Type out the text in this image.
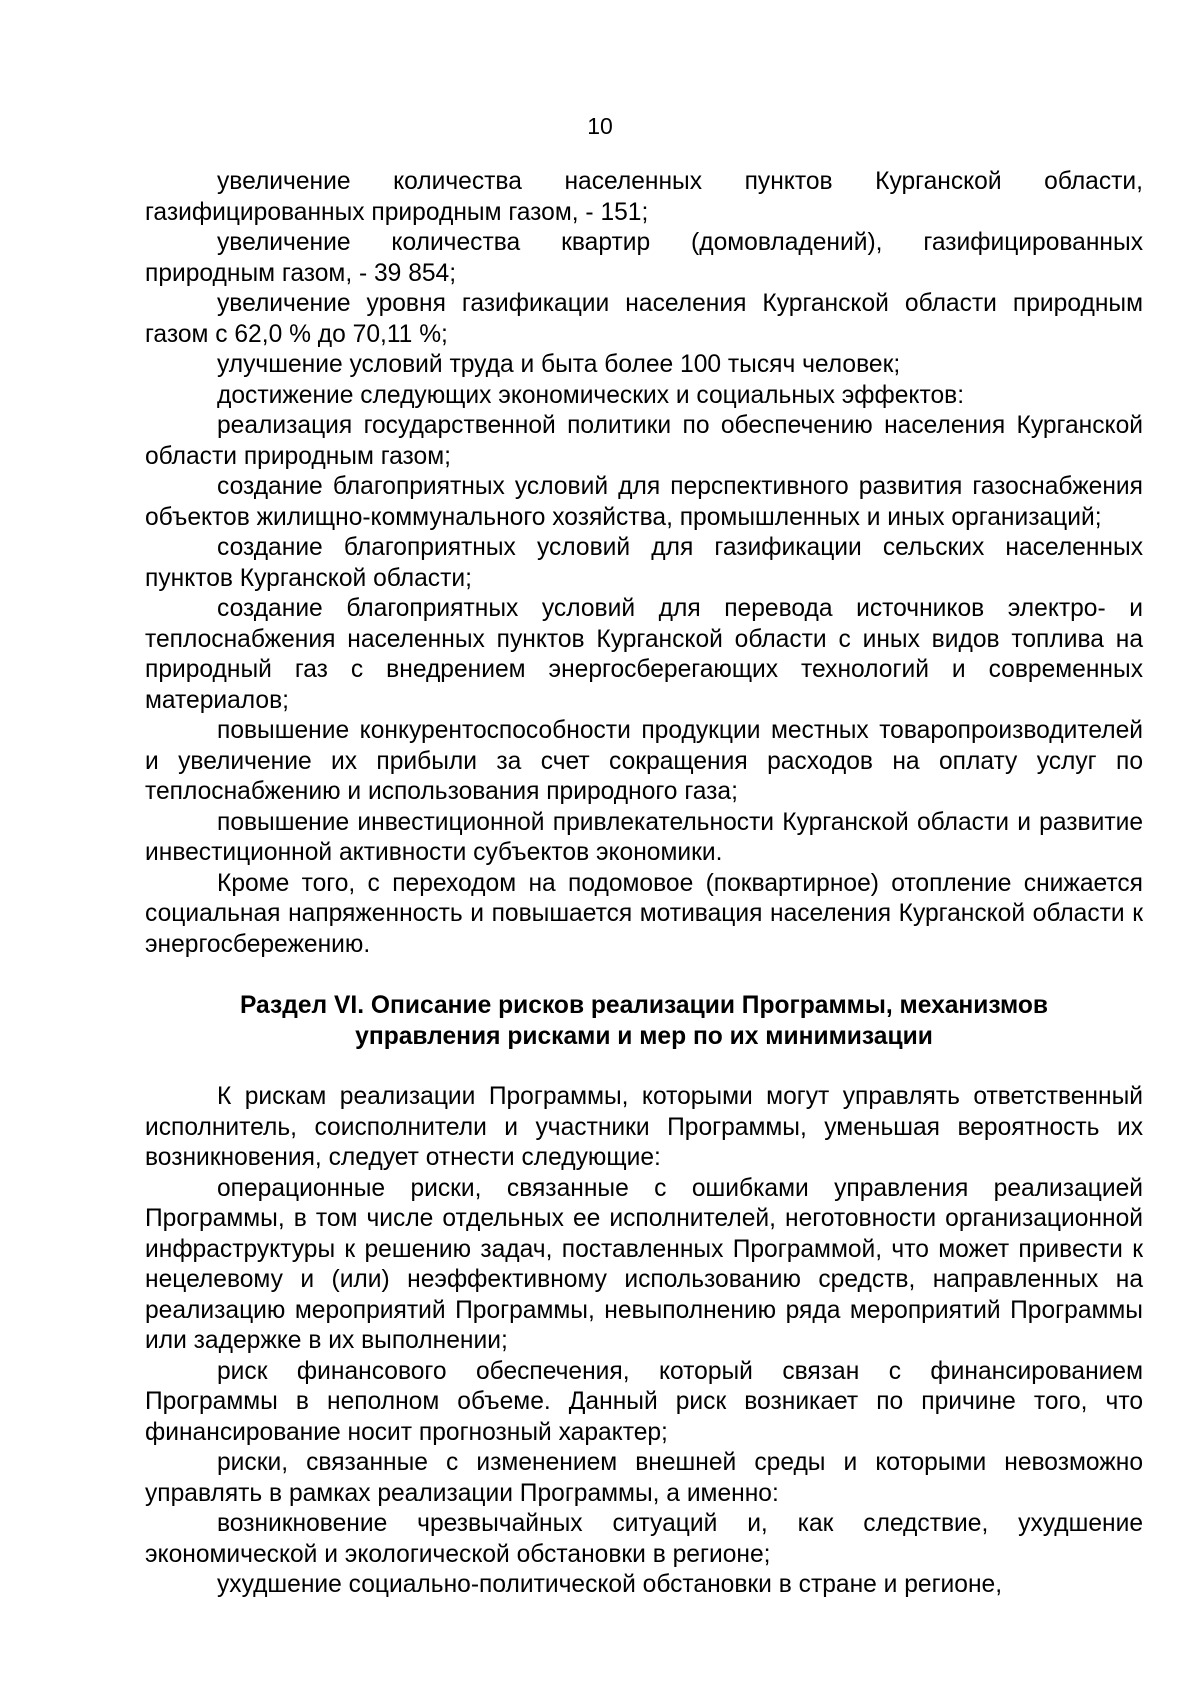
10

увеличение количества населенных пунктов Курганской области, газифицированных природным газом, - 151;

увеличение количества квартир (домовладений), газифицированных природным газом, - 39 854;

увеличение уровня газификации населения Курганской области природным газом с 62,0 % до 70,11 %;

улучшение условий труда и быта более 100 тысяч человек;

достижение следующих экономических и социальных эффектов:

реализация государственной политики по обеспечению населения Курганской области природным газом;

создание благоприятных условий для перспективного развития газоснабжения объектов жилищно-коммунального хозяйства, промышленных и иных организаций;

создание благоприятных условий для газификации сельских населенных пунктов Курганской области;

создание благоприятных условий для перевода источников электро- и теплоснабжения населенных пунктов Курганской области с иных видов топлива на природный газ с внедрением энергосберегающих технологий и современных материалов;

повышение конкурентоспособности продукции местных товаропроизводителей и увеличение их прибыли за счет сокращения расходов на оплату услуг по теплоснабжению и использования природного газа;

повышение инвестиционной привлекательности Курганской области и развитие инвестиционной активности субъектов экономики.

Кроме того, с переходом на подомовое (поквартирное) отопление снижается социальная напряженность и повышается мотивация населения Курганской области к энергосбережению.

Раздел VI. Описание рисков реализации Программы, механизмов
управления рисками и мер по их минимизации

К рискам реализации Программы, которыми могут управлять ответственный исполнитель, соисполнители и участники Программы, уменьшая вероятность их возникновения, следует отнести следующие:

операционные риски, связанные с ошибками управления реализацией Программы, в том числе отдельных ее исполнителей, неготовности организационной инфраструктуры к решению задач, поставленных Программой, что может привести к нецелевому и (или) неэффективному использованию средств, направленных на реализацию мероприятий Программы, невыполнению ряда мероприятий Программы или задержке в их выполнении;

риск финансового обеспечения, который связан с финансированием Программы в неполном объеме. Данный риск возникает по причине того, что финансирование носит прогнозный характер;

риски, связанные с изменением внешней среды и которыми невозможно управлять в рамках реализации Программы, а именно:

возникновение чрезвычайных ситуаций и, как следствие, ухудшение экономической и экологической обстановки в регионе;

ухудшение социально-политической обстановки в стране и регионе,
